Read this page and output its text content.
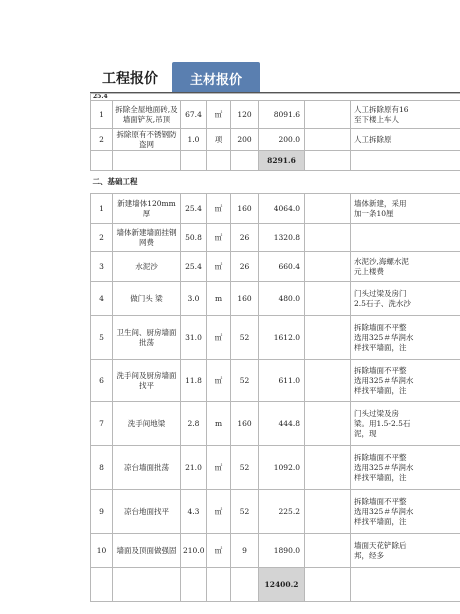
工程报价	主材报价
25.4							
1	拆除全屋地面砖,及墙面铲灰,吊顶	67.4	㎡	120	8091.6		人工拆除原有16
至下楼上车人
2	拆除原有不锈钢防盗网	1.0	项	200	200.0		人工拆除原
					8291.6		
二、基础工程							
1	新建墙体120mm厚	25.4	㎡	160	4064.0		墙体新建，采用
加一条10厘
2	墙体新建墙面挂钢网费	50.8	㎡	26	1320.8		
3	水泥沙	25.4	㎡	26	660.4		水泥沙,海螺水泥
元上楼费
4	做门头 梁	3.0	m	160	480.0		门头过梁及房门
2.5石子、洗水沙
5	卫生间、厨房墙面批荡	31.0	㎡	52	1612.0		拆除墙面不平整
选用325＃华润水
样找平墙面，注
6	洗手间及厨房墙面找平	11.8	㎡	52	611.0		拆除墙面不平整
选用325＃华润水
样找平墙面，注
7	洗手间地梁	2.8	m	160	444.8		门头过梁及房
梁。用1.5-2.5石
泥，现
8	凉台墙面批荡	21.0	㎡	52	1092.0		拆除墙面不平整
选用325＃华润水
样找平墙面，注
9	凉台地面找平	4.3	㎡	52	225.2		拆除墙面不平整
选用325＃华润水
样找平墙面，注
10	墙面及顶面做强固	210.0	㎡	9	1890.0		墙面天花铲除后
邦，经多
					12400.2		
